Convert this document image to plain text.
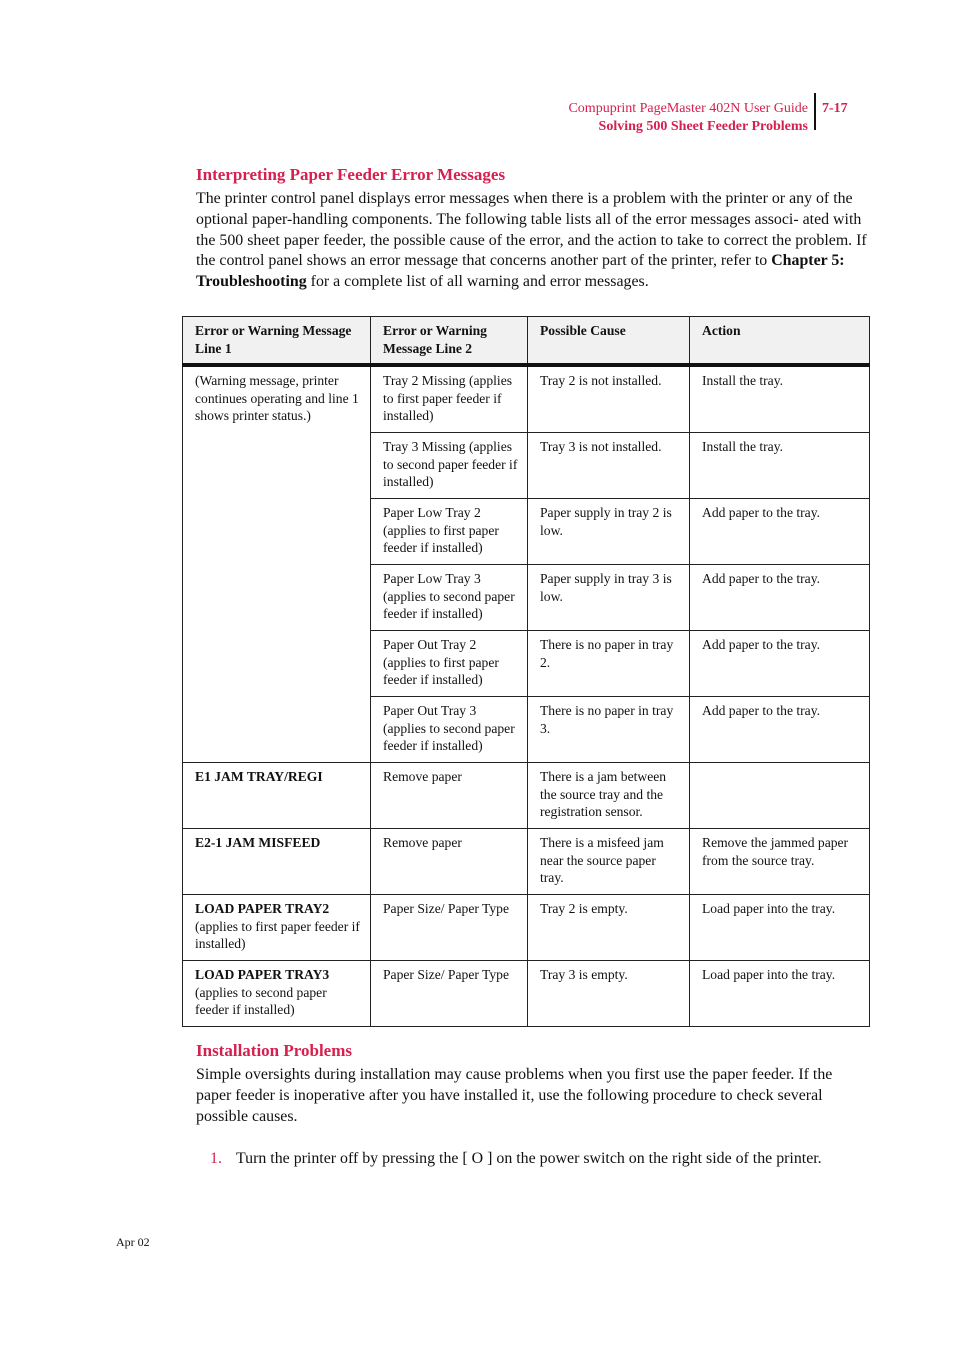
Compuprint PageMaster 402N User Guide
Solving 500 Sheet Feeder Problems
7-17
Interpreting Paper Feeder Error Messages

The printer control panel displays error messages when there is a problem with the printer or any of the optional paper-handling components. The following table lists all of the error messages associ- ated with the 500 sheet paper feeder, the possible cause of the error, and the action to take to correct the problem. If the control panel shows an error message that concerns another part of the printer, refer to Chapter 5: Troubleshooting for a complete list of all warning and error messages.

Error or Warning Message Line 1	Error or Warning Message Line 2	Possible Cause	Action
(Warning message, printer continues operating and line 1 shows printer status.)	Tray 2 Missing (applies to first paper feeder if installed)	Tray 2 is not installed.	Install the tray.
	Tray 3 Missing (applies to second paper feeder if installed)	Tray 3 is not installed.	Install the tray.
	Paper Low Tray 2 (applies to first paper feeder if installed)	Paper supply in tray 2 is low.	Add paper to the tray.
	Paper Low Tray 3 (applies to second paper feeder if installed)	Paper supply in tray 3 is low.	Add paper to the tray.
	Paper Out Tray 2 (applies to first paper feeder if installed)	There is no paper in tray 2.	Add paper to the tray.
	Paper Out Tray 3 (applies to second paper feeder if installed)	There is no paper in tray 3.	Add paper to the tray.

E1 JAM TRAY/REGI	Remove paper	There is a jam between the source tray and the registration sensor.	

E2-1 JAM MISFEED	Remove paper	There is a misfeed jam near the source paper tray.	Remove the jammed paper from the source tray.

LOAD PAPER TRAY2
(applies to first paper feeder if installed)	Paper Size/ Paper Type	Tray 2 is empty.	Load paper into the tray.

LOAD PAPER TRAY3
(applies to second paper feeder if installed)	Paper Size/ Paper Type	Tray 3 is empty.	Load paper into the tray.
Installation Problems

Simple oversights during installation may cause problems when you first use the paper feeder. If the paper feeder is inoperative after you have installed it, use the following procedure to check several possible causes.

1. Turn the printer off by pressing the [ O ] on the power switch on the right side of the printer.
Apr 02
